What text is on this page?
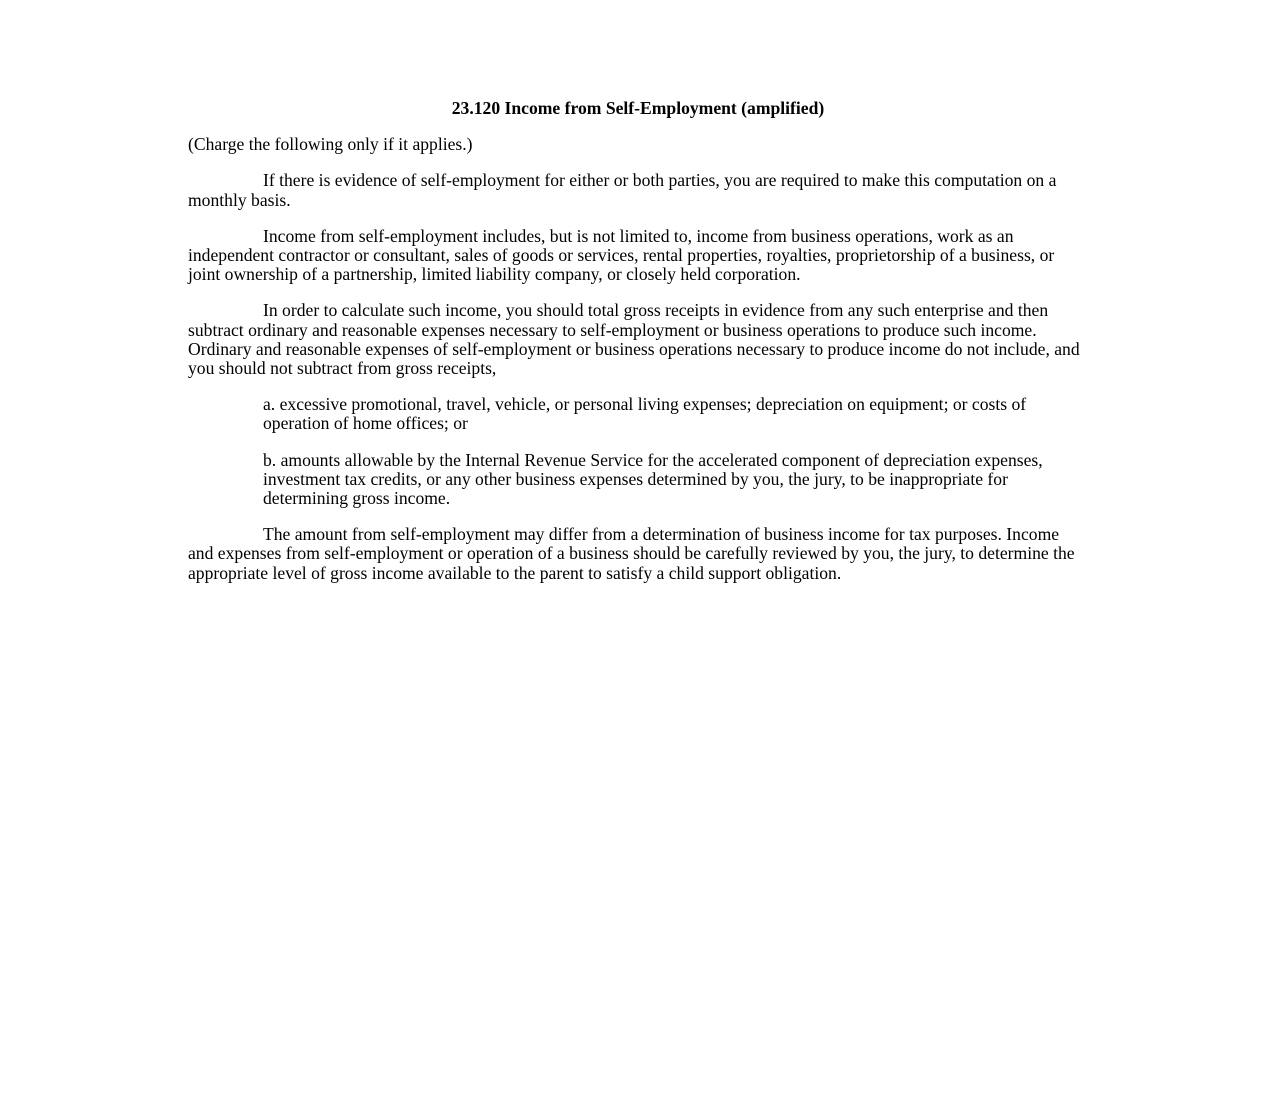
23.120 Income from Self-Employment (amplified)
(Charge the following only if it applies.)
If there is evidence of self-employment for either or both parties, you are required to make this computation on a monthly basis.
Income from self-employment includes, but is not limited to, income from business operations, work as an independent contractor or consultant, sales of goods or services, rental properties, royalties, proprietorship of a business, or joint ownership of a partnership, limited liability company, or closely held corporation.
In order to calculate such income, you should total gross receipts in evidence from any such enterprise and then subtract ordinary and reasonable expenses necessary to self-employment or business operations to produce such income. Ordinary and reasonable expenses of self-employment or business operations necessary to produce income do not include, and you should not subtract from gross receipts,
a. excessive promotional, travel, vehicle, or personal living expenses; depreciation on equipment; or costs of operation of home offices; or
b. amounts allowable by the Internal Revenue Service for the accelerated component of depreciation expenses, investment tax credits, or any other business expenses determined by you, the jury, to be inappropriate for determining gross income.
The amount from self-employment may differ from a determination of business income for tax purposes. Income and expenses from self-employment or operation of a business should be carefully reviewed by you, the jury, to determine the appropriate level of gross income available to the parent to satisfy a child support obligation.
